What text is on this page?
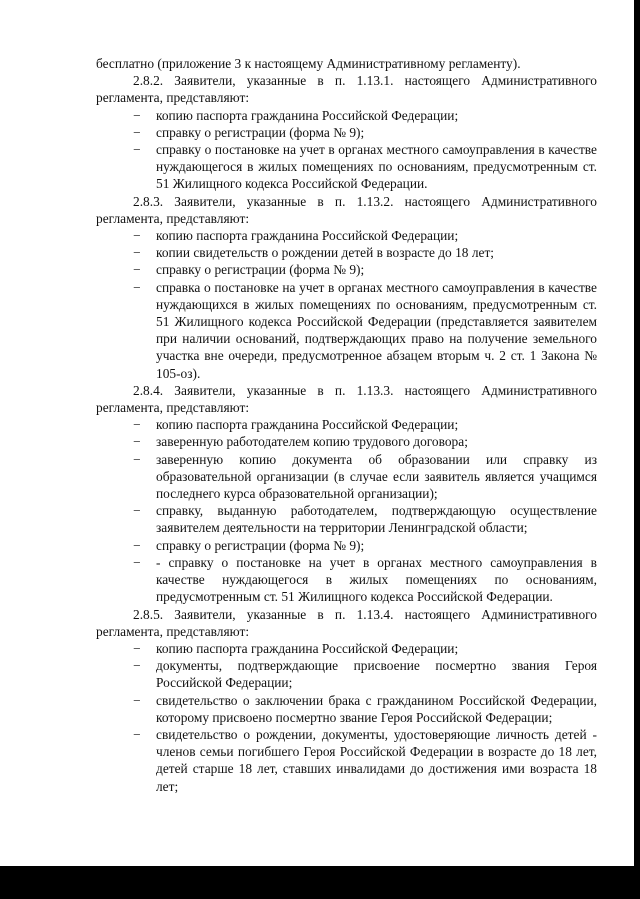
бесплатно (приложение 3 к настоящему Административному регламенту).

2.8.2. Заявители, указанные в п. 1.13.1. настоящего Административного регламента, представляют:

−	копию паспорта гражданина Российской Федерации;

−	справку о регистрации (форма № 9);

−	справку о постановке на учет в органах местного самоуправления в качестве нуждающегося в жилых помещениях по основаниям, предусмотренным ст. 51 Жилищного кодекса Российской Федерации.

2.8.3. Заявители, указанные в п. 1.13.2. настоящего Административного регламента, представляют:

−	копию паспорта гражданина Российской Федерации;

−	копии свидетельств о рождении детей в возрасте до 18 лет;

−	справку о регистрации (форма № 9);

−	справка о постановке на учет в органах местного самоуправления в качестве нуждающихся в жилых помещениях по основаниям, предусмотренным ст. 51 Жилищного кодекса Российской Федерации (представляется заявителем при наличии оснований, подтверждающих право на получение земельного участка вне очереди, предусмотренное абзацем вторым ч. 2 ст. 1 Закона № 105-оз).

2.8.4. Заявители, указанные в п. 1.13.3. настоящего Административного регламента, представляют:

−	копию паспорта гражданина Российской Федерации;

−	заверенную работодателем копию трудового договора;

−	заверенную копию документа об образовании или справку из образовательной организации (в случае если заявитель является учащимся последнего курса образовательной организации);

−	справку, выданную работодателем, подтверждающую осуществление заявителем деятельности на территории Ленинградской области;

−	справку о регистрации (форма № 9);

−	- справку о постановке на учет в органах местного самоуправления в качестве нуждающегося в жилых помещениях по основаниям, предусмотренным ст. 51 Жилищного кодекса Российской Федерации.

2.8.5. Заявители, указанные в п. 1.13.4. настоящего Административного регламента, представляют:

−	копию паспорта гражданина Российской Федерации;

−	документы, подтверждающие присвоение посмертно звания Героя Российской Федерации;

−	свидетельство о заключении брака с гражданином Российской Федерации, которому присвоено посмертно звание Героя Российской Федерации;

−	свидетельство о рождении, документы, удостоверяющие личность детей - членов семьи погибшего Героя Российской Федерации в возрасте до 18 лет, детей старше 18 лет, ставших инвалидами до достижения ими возраста 18 лет;
